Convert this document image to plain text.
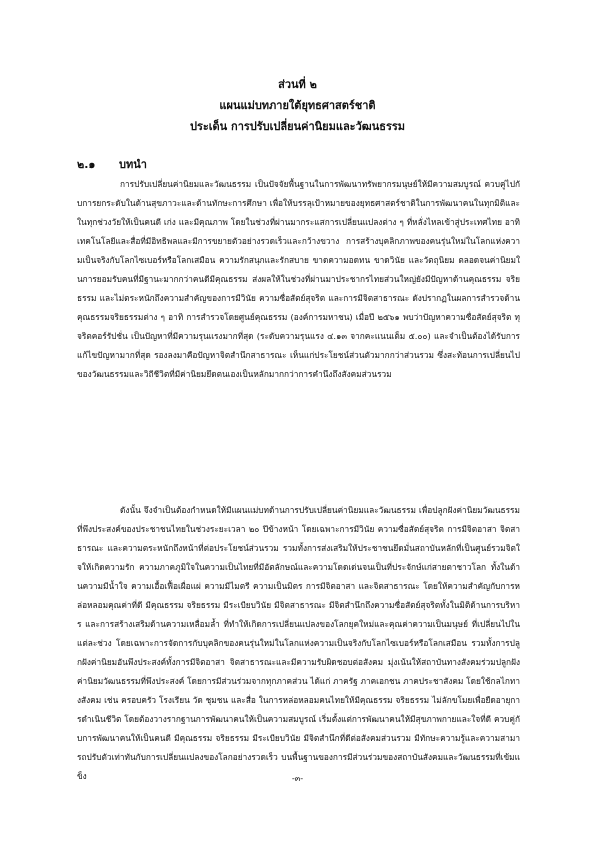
ส่วนที่ ๒
แผนแม่บทภายใต้ยุทธศาสตร์ชาติ
ประเด็น การปรับเปลี่ยนค่านิยมและวัฒนธรรม
๒.๑ บทนำ

การปรับเปลี่ยนค่านิยมและวัฒนธรรม เป็นปัจจัยพื้นฐานในการพัฒนาทรัพยากรมนุษย์ให้มีความสมบูรณ์ ควบคู่ไปกับการยกระดับในด้านสุขภาวะและด้านทักษะการศึกษา เพื่อให้บรรลุเป้าหมายของยุทธศาสตร์ชาติในการพัฒนาคนในทุกมิติและในทุกช่วงวัยให้เป็นคนดี เก่ง และมีคุณภาพ โดยในช่วงที่ผ่านมากระแสการเปลี่ยนแปลงต่าง ๆ ที่หลั่งไหลเข้าสู่ประเทศไทย อาทิ เทคโนโลยีและสื่อที่มีอิทธิพลและมีการขยายตัวอย่างรวดเร็วและกว้างขวาง การสร้างบุคลิกภาพของคนรุ่นใหม่ในโลกแห่งความเป็นจริงกับโลกไซเบอร์หรือโลกเสมือน ความรักสนุกและรักสบาย ขาดความอดทน ขาดวินัย และวัตถุนิยม ตลอดจนค่านิยมในการยอมรับคนที่มีฐานะมากกว่าคนดีมีคุณธรรม ส่งผลให้ในช่วงที่ผ่านมาประชากรไทยส่วนใหญ่ยังมีปัญหาด้านคุณธรรม จริยธรรม และไม่ตระหนักถึงความสำคัญของการมีวินัย ความซื่อสัตย์สุจริต และการมีจิตสาธารณะ ดังปรากฏในผลการสำรวจด้านคุณธรรมจริยธรรมต่าง ๆ อาทิ การสำรวจโดยศูนย์คุณธรรม (องค์การมหาชน) เมื่อปี ๒๕๖๑ พบว่าปัญหาความซื่อสัตย์สุจริต ทุจริตคอร์รัปชั่น เป็นปัญหาที่มีความรุนแรงมากที่สุด (ระดับความรุนแรง ๔.๑๓ จากคะแนนเต็ม ๕.๐๐) และจำเป็นต้องได้รับการแก้ไขปัญหามากที่สุด รองลงมาคือปัญหาจิตสำนึกสาธารณะ เห็นแก่ประโยชน์ส่วนตัวมากกว่าส่วนรวม ซึ่งสะท้อนการเปลี่ยนไปของวัฒนธรรมและวิถีชีวิตที่มีค่านิยมยึดตนเองเป็นหลักมากกว่าการคำนึงถึงสังคมส่วนรวม

ดังนั้น จึงจำเป็นต้องกำหนดให้มีแผนแม่บทด้านการปรับเปลี่ยนค่านิยมและวัฒนธรรม เพื่อปลูกฝังค่านิยมวัฒนธรรมที่พึงประสงค์ของประชาชนไทยในช่วงระยะเวลา ๒๐ ปีข้างหน้า โดยเฉพาะการมีวินัย ความซื่อสัตย์สุจริต การมีจิตอาสา จิตสาธารณะ และความตระหนักถึงหน้าที่ต่อประโยชน์ส่วนรวม รวมทั้งการส่งเสริมให้ประชาชนยึดมั่นสถาบันหลักที่เป็นศูนย์รวมจิตใจให้เกิดความรัก ความภาคภูมิใจในความเป็นไทยที่มีอัตลักษณ์และความโดดเด่นจนเป็นที่ประจักษ์แก่สายตาชาวโลก ทั้งในด้านความมีน้ำใจ ความเอื้อเฟื้อเผื่อแผ่ ความมีไมตรี ความเป็นมิตร การมีจิตอาสา และจิตสาธารณะ โดยให้ความสำคัญกับการหล่อหลอมคุณค่าที่ดี มีคุณธรรม จริยธรรม มีระเบียบวินัย มีจิตสาธารณะ มีจิตสำนึกถึงความซื่อสัตย์สุจริตทั้งในมิติด้านการบริหาร และการสร้างเสริมด้านความเหลื่อมล้ำ ที่ทำให้เกิดการเปลี่ยนแปลงของโลกยุคใหม่และคุณค่าความเป็นมนุษย์ ที่เปลี่ยนไปในแต่ละช่วง โดยเฉพาะการจัดการกับบุคลิกของคนรุ่นใหม่ในโลกแห่งความเป็นจริงกับโลกไซเบอร์หรือโลกเสมือน รวมทั้งการปลูกฝังค่านิยมอันพึงประสงค์ทั้งการมีจิตอาสา จิตสาธารณะและมีความรับผิดชอบต่อสังคม มุ่งเน้นให้สถาบันทางสังคมร่วมปลูกฝังค่านิยมวัฒนธรรมที่พึงประสงค์ โดยการมีส่วนร่วมจากทุกภาคส่วน ได้แก่ ภาครัฐ ภาคเอกชน ภาคประชาสังคม โดยใช้กลไกทางสังคม เช่น ครอบครัว โรงเรียน วัด ชุมชน และสื่อ ในการหล่อหลอมคนไทยให้มีคุณธรรม จริยธรรม ไม่ลักขโมยเพื่อยืดอายุการดำเนินชีวิต โดยต้องวางรากฐานการพัฒนาคนให้เป็นความสมบูรณ์ เริ่มตั้งแต่การพัฒนาคนให้มีสุขภาพกายและใจที่ดี ควบคู่กับการพัฒนาคนให้เป็นคนดี มีคุณธรรม จริยธรรม มีระเบียบวินัย มีจิตสำนึกที่ดีต่อสังคมส่วนรวม มีทักษะความรู้และความสามารถปรับตัวเท่าทันกับการเปลี่ยนแปลงของโลกอย่างรวดเร็ว บนพื้นฐานของการมีส่วนร่วมของสถาบันสังคมและวัฒนธรรมที่เข้มแข็ง	-๓-
